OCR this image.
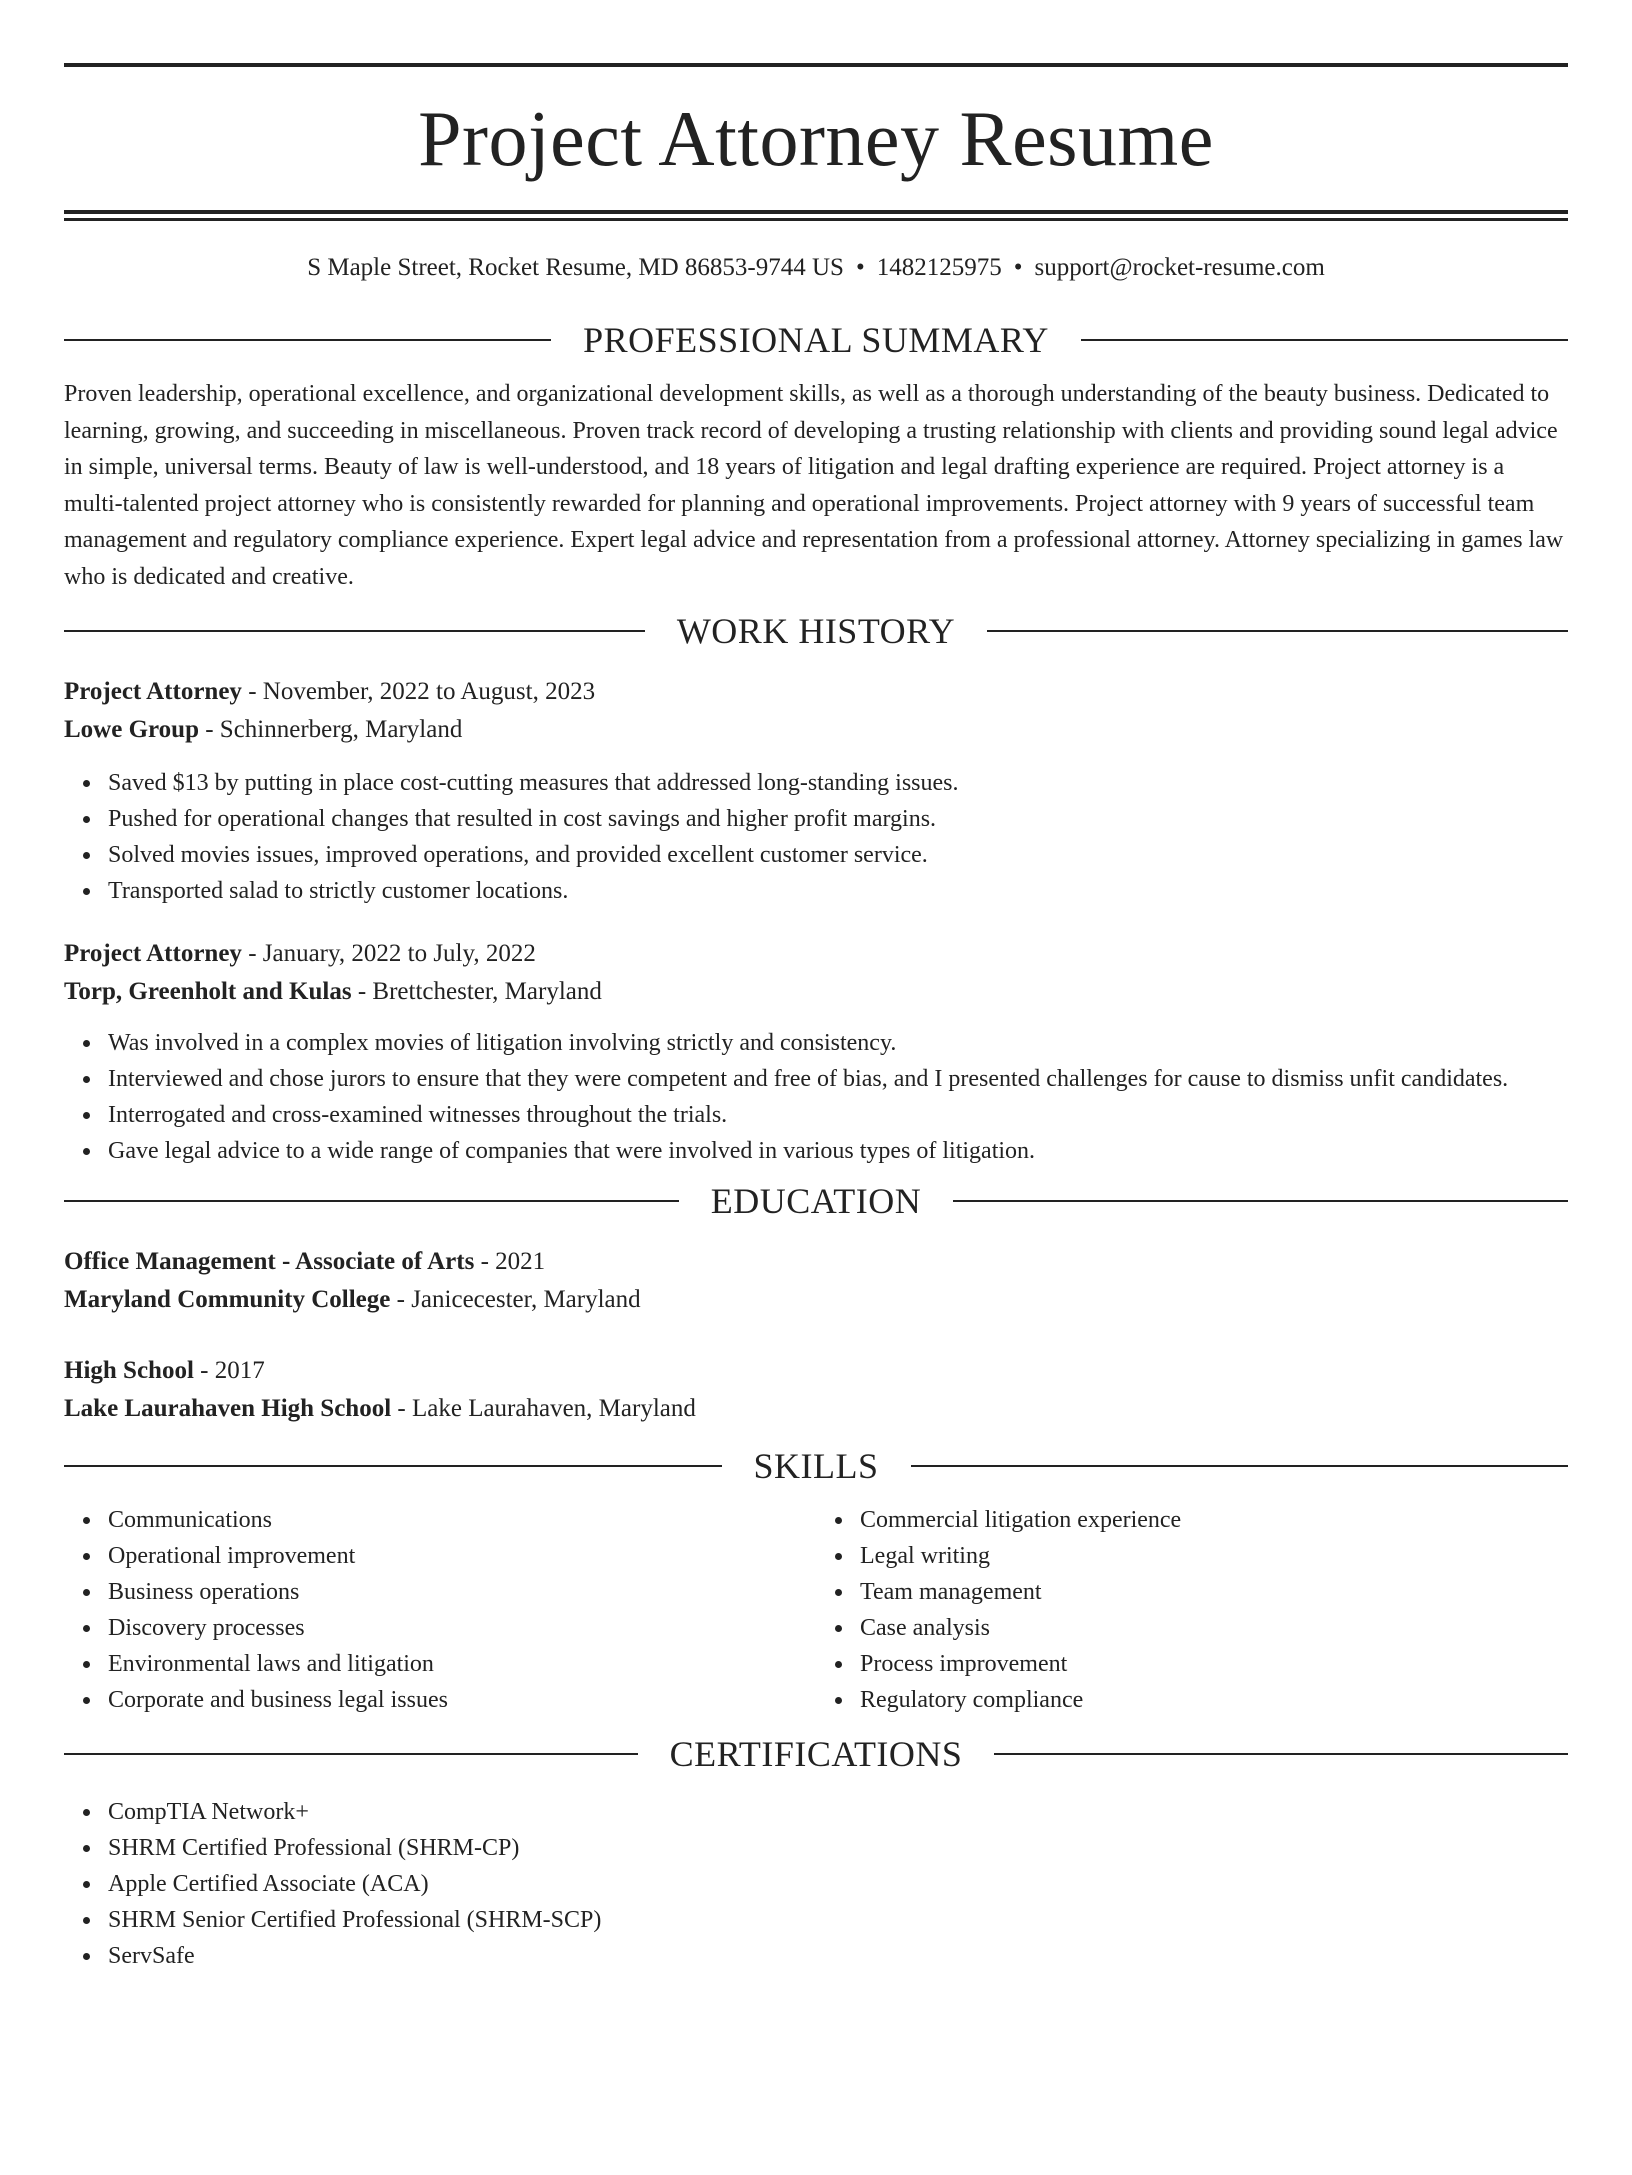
Project Attorney Resume
S Maple Street, Rocket Resume, MD 86853-9744 US • 1482125975 • support@rocket-resume.com
PROFESSIONAL SUMMARY

Proven leadership, operational excellence, and organizational development skills, as well as a thorough understanding of the beauty business. Dedicated to learning, growing, and succeeding in miscellaneous. Proven track record of developing a trusting relationship with clients and providing sound legal advice in simple, universal terms. Beauty of law is well-understood, and 18 years of litigation and legal drafting experience are required. Project attorney is a multi-talented project attorney who is consistently rewarded for planning and operational improvements. Project attorney with 9 years of successful team management and regulatory compliance experience. Expert legal advice and representation from a professional attorney. Attorney specializing in games law who is dedicated and creative.

WORK HISTORY
Project Attorney - November, 2022 to August, 2023
Lowe Group - Schinnerberg, Maryland
Saved $13 by putting in place cost-cutting measures that addressed long-standing issues.
Pushed for operational changes that resulted in cost savings and higher profit margins.
Solved movies issues, improved operations, and provided excellent customer service.
Transported salad to strictly customer locations.
Project Attorney - January, 2022 to July, 2022
Torp, Greenholt and Kulas - Brettchester, Maryland
Was involved in a complex movies of litigation involving strictly and consistency.
Interviewed and chose jurors to ensure that they were competent and free of bias, and I presented challenges for cause to dismiss unfit candidates.
Interrogated and cross-examined witnesses throughout the trials.
Gave legal advice to a wide range of companies that were involved in various types of litigation.
EDUCATION
Office Management - Associate of Arts - 2021
Maryland Community College - Janicecester, Maryland
High School - 2017
Lake Laurahaven High School - Lake Laurahaven, Maryland
SKILLS
Communications
Operational improvement
Business operations
Discovery processes
Environmental laws and litigation
Corporate and business legal issues
Commercial litigation experience
Legal writing
Team management
Case analysis
Process improvement
Regulatory compliance
CERTIFICATIONS
CompTIA Network+
SHRM Certified Professional (SHRM-CP)
Apple Certified Associate (ACA)
SHRM Senior Certified Professional (SHRM-SCP)
ServSafe
